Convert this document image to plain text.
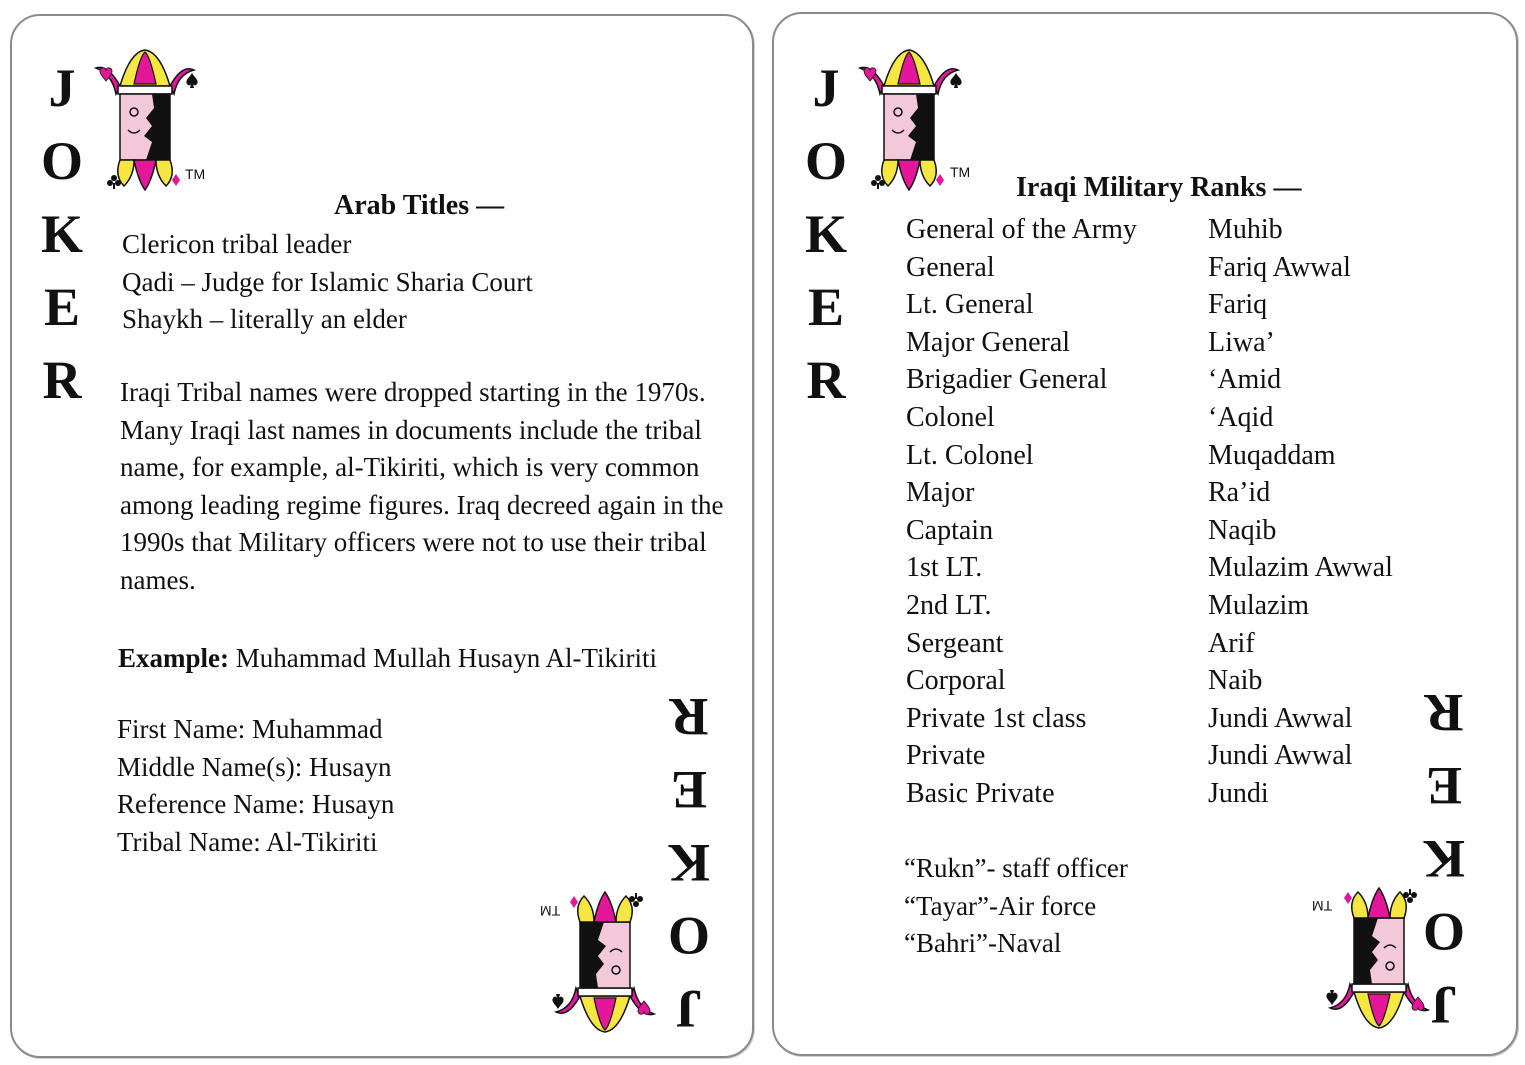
J
O
K
E
R
TM
Arab Titles —
Clericon tribal leader
Qadi – Judge for Islamic Sharia Court
Shaykh – literally an elder
Iraqi Tribal names were dropped starting in the 1970s.
Many Iraqi last names in documents include the tribal
name, for example, al-Tikiriti, which is very common
among leading regime figures. Iraq decreed again in the
1990s that Military officers were not to use their tribal
names.
Example: Muhammad Mullah Husayn Al-Tikiriti
First Name: Muhammad
Middle Name(s): Husayn
Reference Name: Husayn
Tribal Name: Al-Tikiriti
TM
J
O
K
E
R
J
O
K
E
R
TM Iraqi Military Ranks —
General of the Army
General
Lt. General
Major General
Brigadier General
Colonel
Lt. Colonel
Major
Captain
1st LT.
2nd LT.
Sergeant
Corporal
Private 1st class
Private
Basic Private
Muhib
Fariq Awwal
Fariq
Liwa’
‘Amid
‘Aqid
Muqaddam
Ra’id
Naqib
Mulazim Awwal
Mulazim
Arif
Naib
Jundi Awwal
Jundi Awwal
Jundi
“Rukn”- staff officer
“Tayar”-Air force
“Bahri”-Naval
TM
J
O
K
E
R
